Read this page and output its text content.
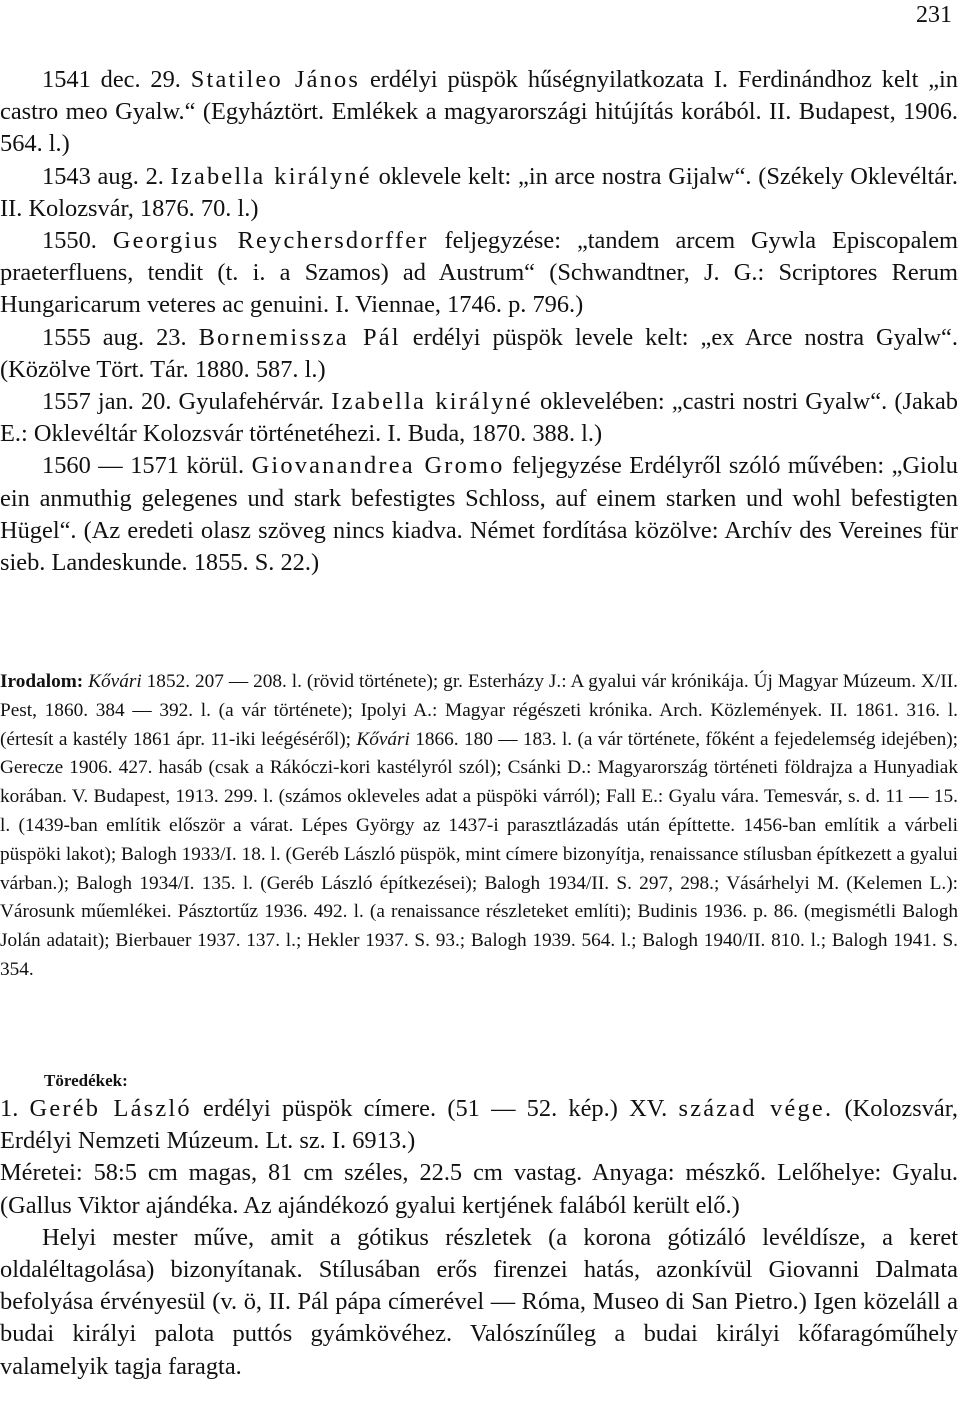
231

1541 dec. 29. Statileo János erdélyi püspök hűségnyilatkozata I. Ferdinándhoz kelt „in castro meo Gyalw.“ (Egyháztört. Emlékek a magyarországi hitújítás korából. II. Budapest, 1906. 564. l.)

1543 aug. 2. Izabella királyné oklevele kelt: „in arce nostra Gijalw“. (Székely Oklevéltár. II. Kolozsvár, 1876. 70. l.)

1550. Georgius Reychersdorffer feljegyzése: „tandem arcem Gywla Episcopalem praeterfluens, tendit (t. i. a Szamos) ad Austrum“ (Schwandtner, J. G.: Scriptores Rerum Hungaricarum veteres ac genuini. I. Viennae, 1746. p. 796.)

1555 aug. 23. Bornemissza Pál erdélyi püspök levele kelt: „ex Arce nostra Gyalw“. (Közölve Tört. Tár. 1880. 587. l.)

1557 jan. 20. Gyulafehérvár. Izabella királyné oklevelében: „castri nostri Gyalw“. (Jakab E.: Oklevéltár Kolozsvár történetéhezi. I. Buda, 1870. 388. l.)

1560 — 1571 körül. Giovanandrea Gromo feljegyzése Erdélyről szóló művében: „Giolu ein anmuthig gelegenes und stark befestigtes Schloss, auf einem starken und wohl befestigten Hügel“. (Az eredeti olasz szöveg nincs kiadva. Német fordítása közölve: Archív des Vereines für sieb. Landeskunde. 1855. S. 22.)

Irodalom: Kővári 1852. 207 — 208. l. (rövid története); gr. Esterházy J.: A gyalui vár krónikája. Új Magyar Múzeum. X/II. Pest, 1860. 384 — 392. l. (a vár története); Ipolyi A.: Magyar régészeti krónika. Arch. Közlemények. II. 1861. 316. l. (értesít a kastély 1861 ápr. 11-iki leégéséről); Kővári 1866. 180 — 183. l. (a vár története, főként a fejedelemség idejében); Gerecze 1906. 427. hasáb (csak a Rákóczi-kori kastélyról szól); Csánki D.: Magyarország történeti földrajza a Hunyadiak korában. V. Budapest, 1913. 299. l. (számos okleveles adat a püspöki várról); Fall E.: Gyalu vára. Temesvár, s. d. 11 — 15. l. (1439-ban említik először a várat. Lépes György az 1437-i parasztlázadás után építtette. 1456-ban említik a várbeli püspöki lakot); Balogh 1933/I. 18. l. (Geréb László püspök, mint címere bizonyítja, renaissance stílusban építkezett a gyalui várban.); Balogh 1934/I. 135. l. (Geréb László építkezései); Balogh 1934/II. S. 297, 298.; Vásárhelyi M. (Kelemen L.): Városunk műemlékei. Pásztortűz 1936. 492. l. (a renaissance részleteket említi); Budinis 1936. p. 86. (megismétli Balogh Jolán adatait); Bierbauer 1937. 137. l.; Hekler 1937. S. 93.; Balogh 1939. 564. l.; Balogh 1940/II. 810. l.; Balogh 1941. S. 354.

Töredékek:

1. Geréb László erdélyi püspök címere. (51 — 52. kép.) XV. század vége. (Kolozsvár, Erdélyi Nemzeti Múzeum. Lt. sz. I. 6913.)

Méretei: 58:5 cm magas, 81 cm széles, 22.5 cm vastag. Anyaga: mészkő. Lelőhelye: Gyalu. (Gallus Viktor ajándéka. Az ajándékozó gyalui kertjének falából került elő.)

Helyi mester műve, amit a gótikus részletek (a korona gótizáló levéldísze, a keret oldaléltagolása) bizonyítanak. Stílusában erős firenzei hatás, azonkívül Giovanni Dalmata befolyása érvényesül (v. ö, II. Pál pápa címerével — Róma, Museo di San Pietro.) Igen közeláll a budai királyi palota puttós gyámkövéhez. Valószínűleg a budai királyi kőfaragóműhely valamelyik tagja faragta.
